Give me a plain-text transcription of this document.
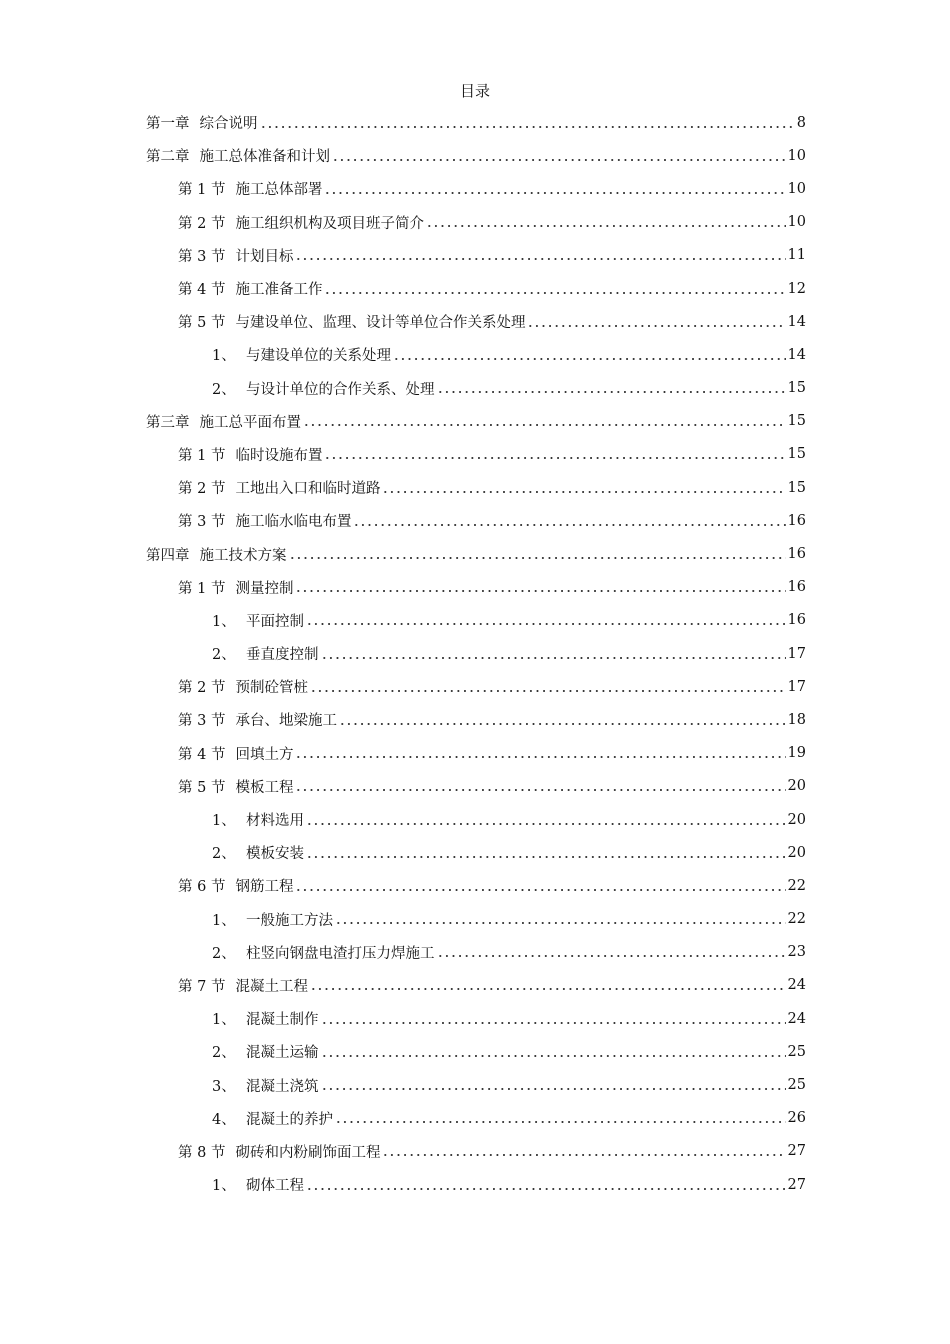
目录
第一章 综合说明	8
第二章 施工总体准备和计划	10
第 1 节 施工总体部署	10
第 2 节 施工组织机构及项目班子简介	10
第 3 节 计划目标	11
第 4 节 施工准备工作	12
第 5 节 与建设单位、监理、设计等单位合作关系处理	14
1、 与建设单位的关系处理	14
2、 与设计单位的合作关系、处理	15
第三章 施工总平面布置	15
第 1 节 临时设施布置	15
第 2 节 工地出入口和临时道路	15
第 3 节 施工临水临电布置	16
第四章 施工技术方案	16
第 1 节 测量控制	16
1、 平面控制	16
2、 垂直度控制	17
第 2 节 预制砼管桩	17
第 3 节 承台、地梁施工	18
第 4 节 回填土方	19
第 5 节 模板工程	20
1、 材料选用	20
2、 模板安装	20
第 6 节 钢筋工程	22
1、 一般施工方法	22
2、 柱竖向钢盘电渣打压力焊施工	23
第 7 节 混凝土工程	24
1、 混凝土制作	24
2、 混凝土运输	25
3、 混凝土浇筑	25
4、 混凝土的养护	26
第 8 节 砌砖和内粉刷饰面工程	27
1、 砌体工程	27
